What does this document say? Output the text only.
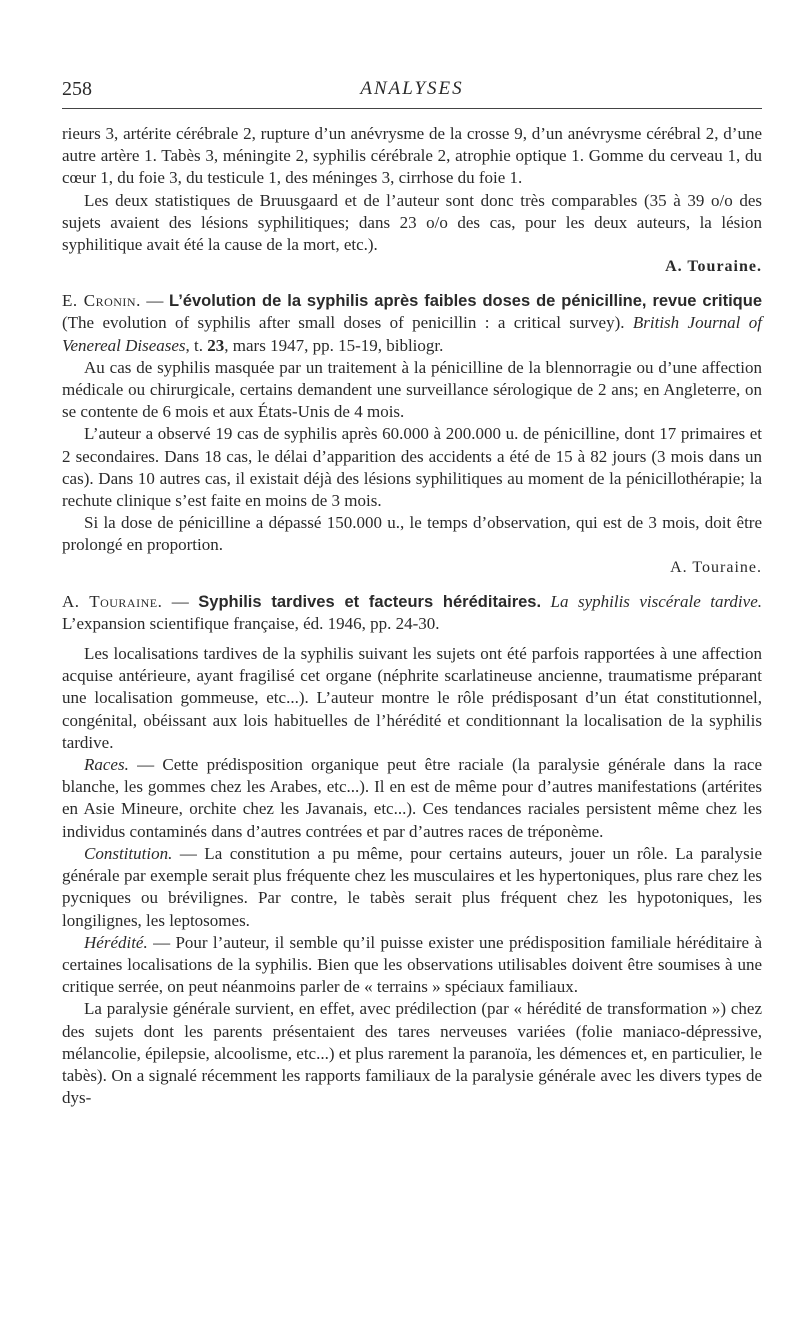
258	ANALYSES

rieurs 3, artérite cérébrale 2, rupture d’un anévrysme de la crosse 9, d’un anévrysme cérébral 2, d’une autre artère 1. Tabès 3, méningite 2, syphilis cérébrale 2, atrophie optique 1. Gomme du cerveau 1, du cœur 1, du foie 3, du testicule 1, des méninges 3, cirrhose du foie 1.

Les deux statistiques de Bruusgaard et de l’auteur sont donc très comparables (35 à 39 o/o des sujets avaient des lésions syphilitiques; dans 23 o/o des cas, pour les deux auteurs, la lésion syphilitique avait été la cause de la mort, etc.).

A. Touraine.

E. Cronin. — L’évolution de la syphilis après faibles doses de pénicilline, revue critique (The evolution of syphilis after small doses of penicillin : a critical survey). British Journal of Venereal Diseases, t. 23, mars 1947, pp. 15-19, bibliogr.

Au cas de syphilis masquée par un traitement à la pénicilline de la blennorragie ou d’une affection médicale ou chirurgicale, certains demandent une surveillance sérologique de 2 ans; en Angleterre, on se contente de 6 mois et aux États-Unis de 4 mois.

L’auteur a observé 19 cas de syphilis après 60.000 à 200.000 u. de pénicilline, dont 17 primaires et 2 secondaires. Dans 18 cas, le délai d’apparition des accidents a été de 15 à 82 jours (3 mois dans un cas). Dans 10 autres cas, il existait déjà des lésions syphilitiques au moment de la pénicillothérapie; la rechute clinique s’est faite en moins de 3 mois.

Si la dose de pénicilline a dépassé 150.000 u., le temps d’observation, qui est de 3 mois, doit être prolongé en proportion.

A. Touraine.

A. Touraine. — Syphilis tardives et facteurs héréditaires. La syphilis viscérale tardive. L’expansion scientifique française, éd. 1946, pp. 24-30.

Les localisations tardives de la syphilis suivant les sujets ont été parfois rapportées à une affection acquise antérieure, ayant fragilisé cet organe (néphrite scarlatineuse ancienne, traumatisme préparant une localisation gommeuse, etc...). L’auteur montre le rôle prédisposant d’un état constitutionnel, congénital, obéissant aux lois habituelles de l’hérédité et conditionnant la localisation de la syphilis tardive.

Races. — Cette prédisposition organique peut être raciale (la paralysie générale dans la race blanche, les gommes chez les Arabes, etc...). Il en est de même pour d’autres manifestations (artérites en Asie Mineure, orchite chez les Javanais, etc...). Ces tendances raciales persistent même chez les individus contaminés dans d’autres contrées et par d’autres races de tréponème.

Constitution. — La constitution a pu même, pour certains auteurs, jouer un rôle. La paralysie générale par exemple serait plus fréquente chez les musculaires et les hypertoniques, plus rare chez les pycniques ou brévilignes. Par contre, le tabès serait plus fréquent chez les hypotoniques, les longilignes, les leptosomes.

Hérédité. — Pour l’auteur, il semble qu’il puisse exister une prédisposition familiale héréditaire à certaines localisations de la syphilis. Bien que les observations utilisables doivent être soumises à une critique serrée, on peut néanmoins parler de « terrains » spéciaux familiaux.

La paralysie générale survient, en effet, avec prédilection (par « hérédité de transformation ») chez des sujets dont les parents présentaient des tares nerveuses variées (folie maniaco-dépressive, mélancolie, épilepsie, alcoolisme, etc...) et plus rarement la paranoïa, les démences et, en particulier, le tabès). On a signalé récemment les rapports familiaux de la paralysie générale avec les divers types de dys-
